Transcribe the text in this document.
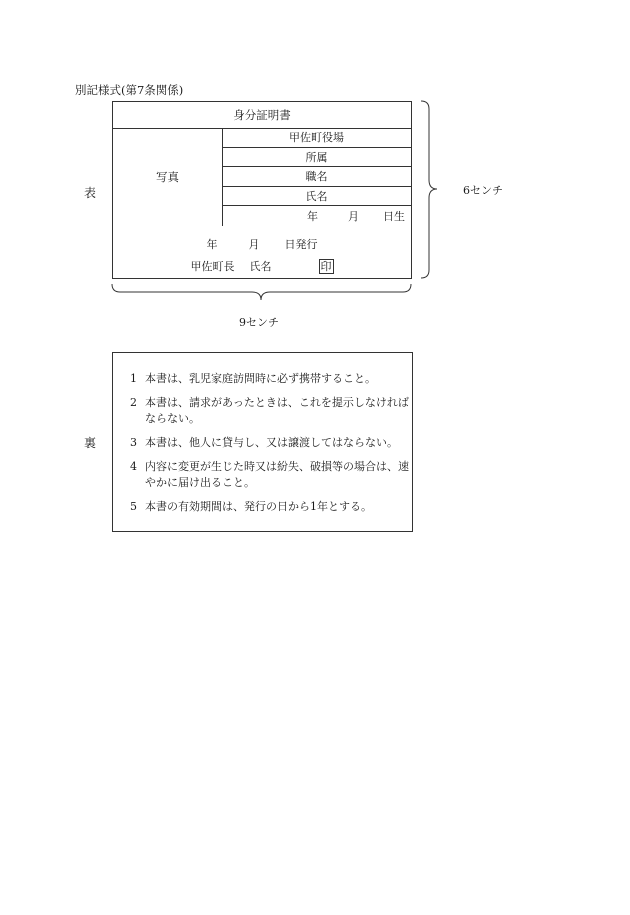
別記様式(第7条関係)
表
裏
身分証明書
写真
甲佐町役場
所属
職名
氏名
年	月 日生
年	月 日発行
甲佐町長 氏名	印
6センチ
9センチ
1 本書は、乳児家庭訪問時に必ず携帯すること。
2 本書は、請求があったときは、これを提示しなければならない。
3 本書は、他人に貸与し、又は譲渡してはならない。
4 内容に変更が生じた時又は紛失、破損等の場合は、速やかに届け出ること。
5 本書の有効期間は、発行の日から1年とする。
